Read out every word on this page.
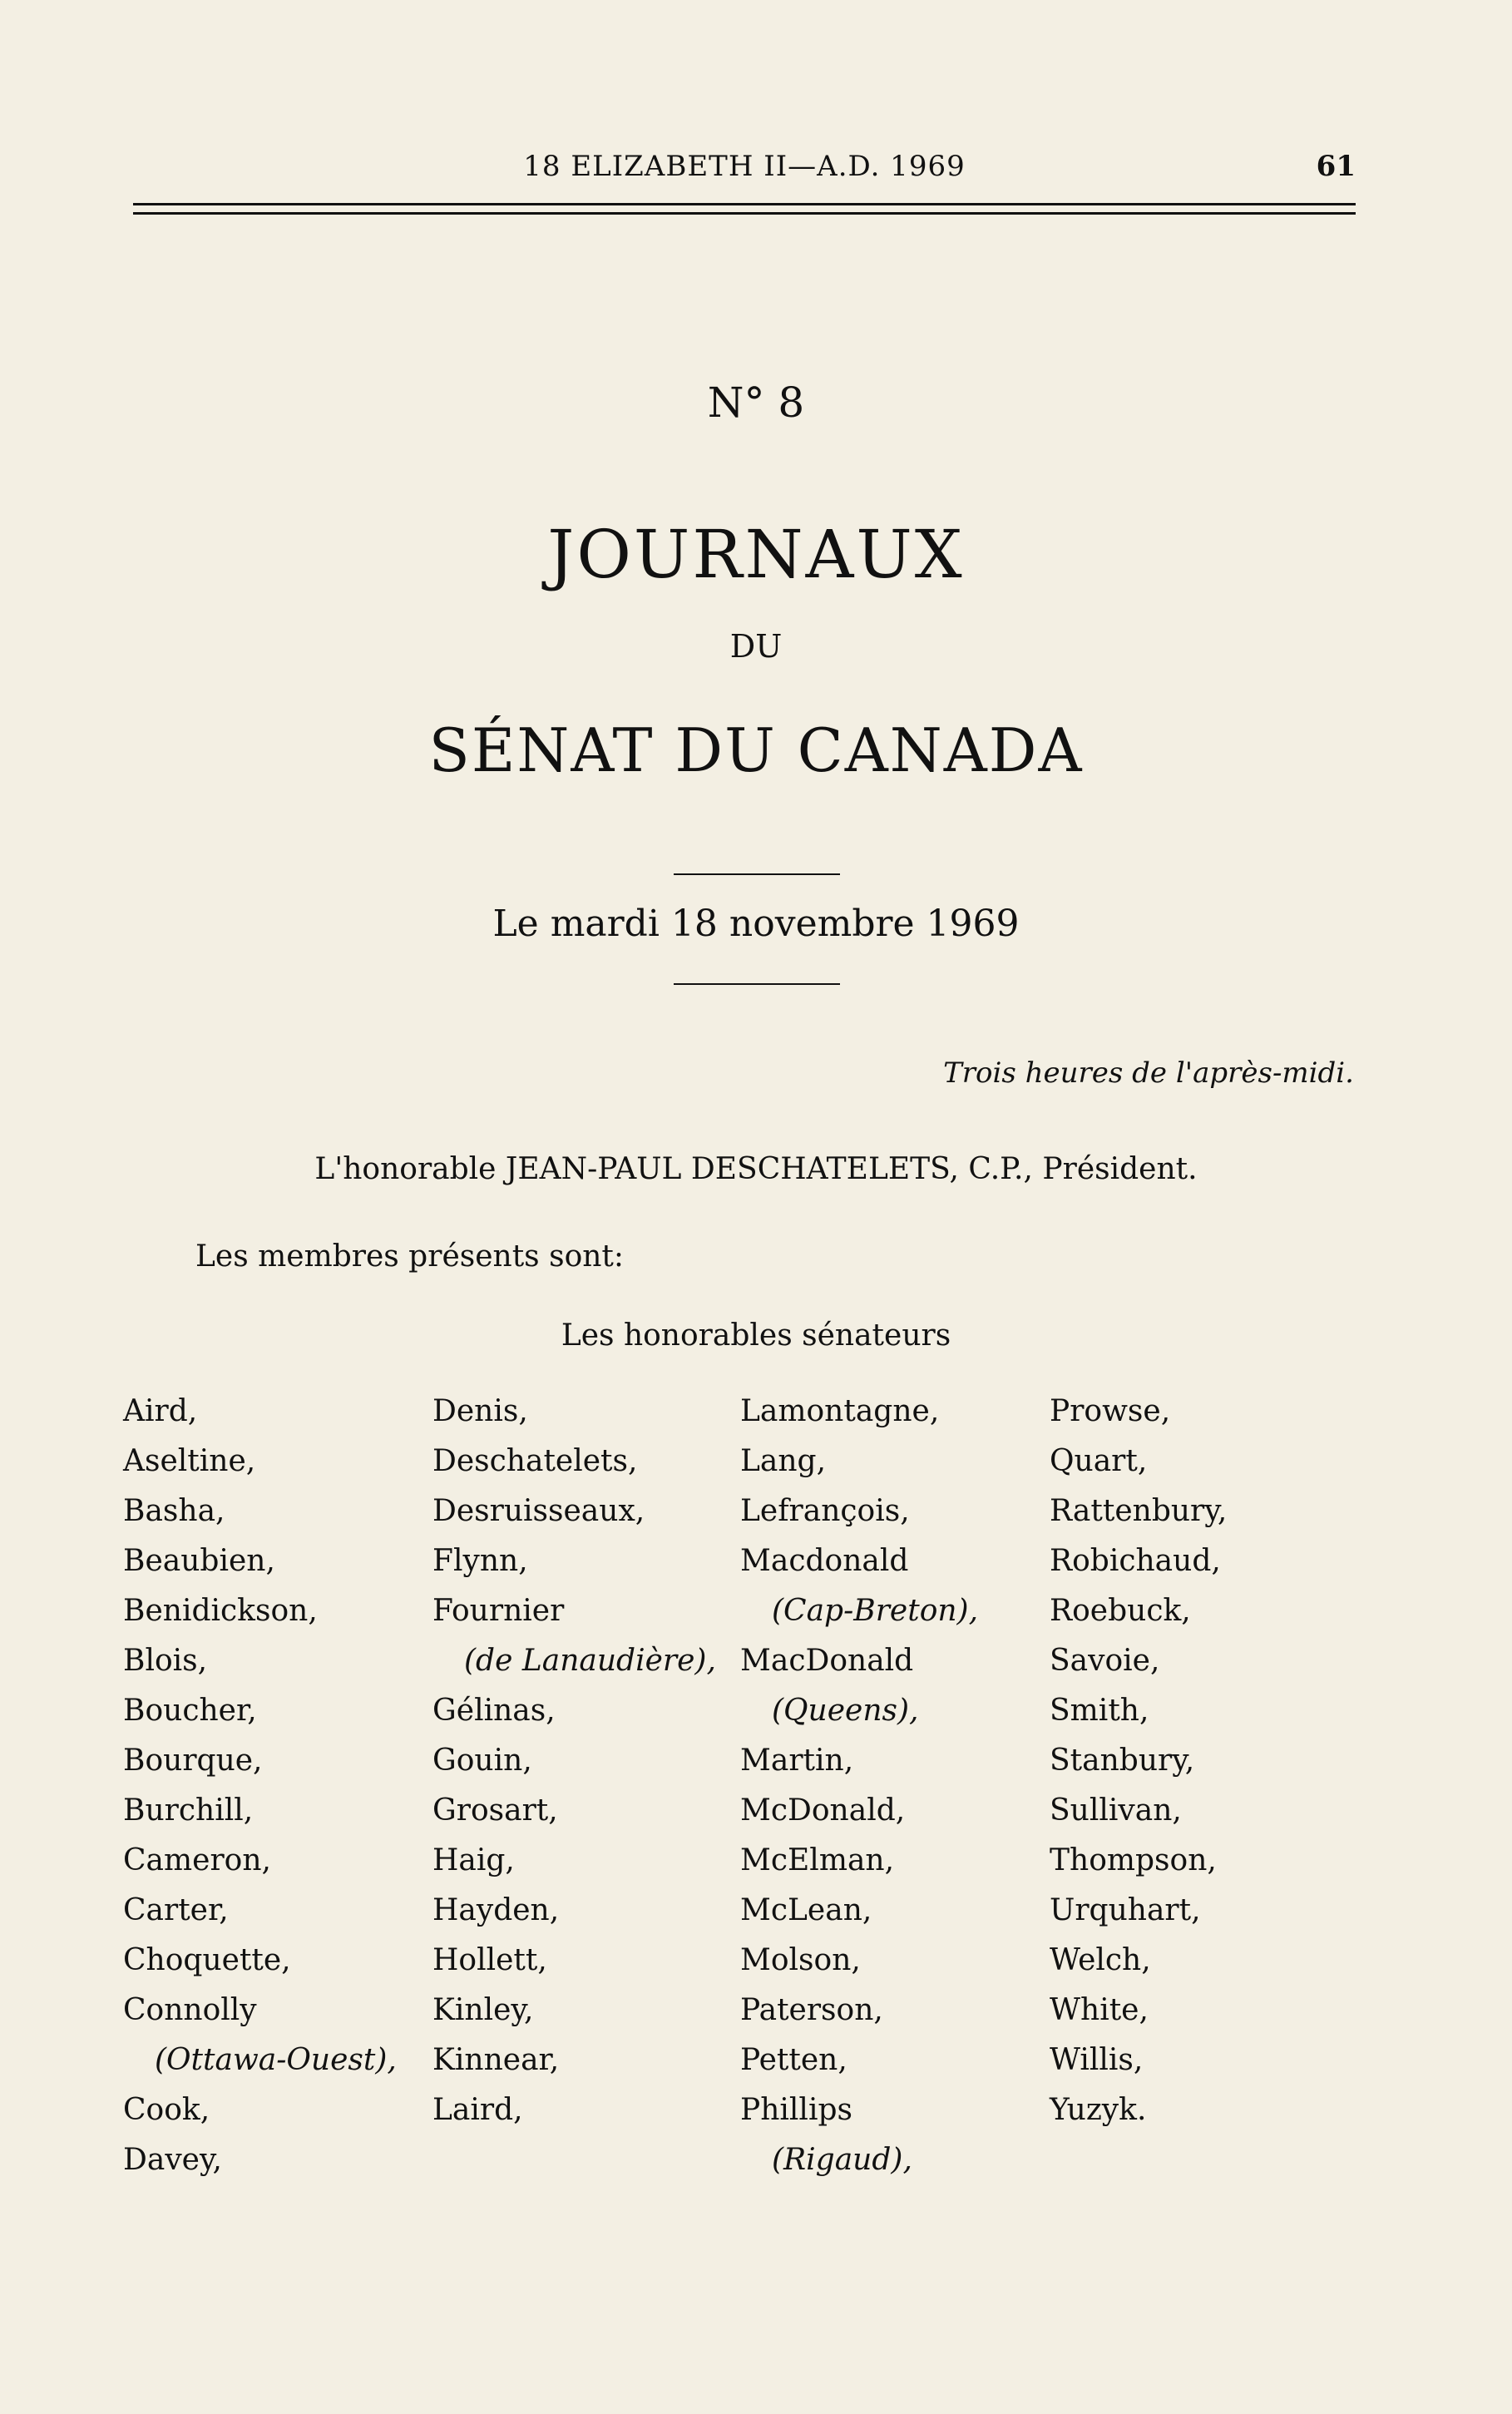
18 ELIZABETH II—A.D. 1969	61
N° 8
JOURNAUX
DU
SÉNAT DU CANADA
Le mardi 18 novembre 1969
Trois heures de l'après-midi.
L'honorable JEAN-PAUL DESCHATELETS, C.P., Président.
Les membres présents sont:
Les honorables sénateurs
Aird,
Aseltine,
Basha,
Beaubien,
Benidickson,
Blois,
Boucher,
Bourque,
Burchill,
Cameron,
Carter,
Choquette,
Connolly
(Ottawa-Ouest),
Cook,
Davey,
Denis,
Deschatelets,
Desruisseaux,
Flynn,
Fournier
(de Lanaudière),
Gélinas,
Gouin,
Grosart,
Haig,
Hayden,
Hollett,
Kinley,
Kinnear,
Laird,
Lamontagne,
Lang,
Lefrançois,
Macdonald
(Cap-Breton),
MacDonald
(Queens),
Martin,
McDonald,
McElman,
McLean,
Molson,
Paterson,
Petten,
Phillips
(Rigaud),
Prowse,
Quart,
Rattenbury,
Robichaud,
Roebuck,
Savoie,
Smith,
Stanbury,
Sullivan,
Thompson,
Urquhart,
Welch,
White,
Willis,
Yuzyk.
